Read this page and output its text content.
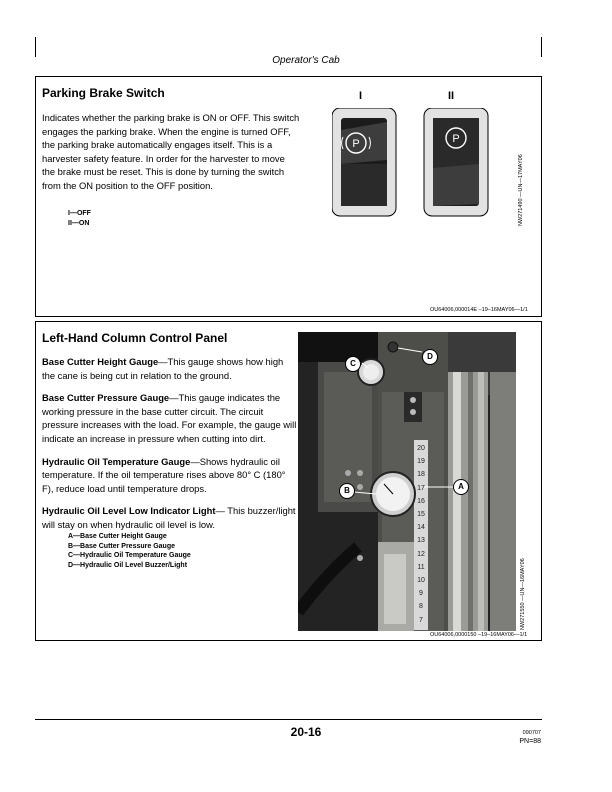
Operator's Cab
Parking Brake Switch

Indicates whether the parking brake is ON or OFF. This switch engages the parking brake. When the engine is turned OFF, the parking brake automatically engages itself. This is a harvester safety feature. In order for the harvester to move the brake must be reset. This is done by turning the switch from the ON position to the OFF position.

I—OFF
II—ON
I	II
P	P
NW271490 —UN—17MAY06
OU64006,000014E –19–16MAY06—1/1
Left-Hand Column Control Panel

Base Cutter Height Gauge—This gauge shows how high the cane is being cut in relation to the ground.

Base Cutter Pressure Gauge—This gauge indicates the working pressure in the base cutter circuit. The circuit pressure increases with the load. For example, the gauge will indicate an increase in pressure when cutting into dirt.

Hydraulic Oil Temperature Gauge—Shows hydraulic oil temperature. If the oil temperature rises above 80° C (180° F), reduce load until temperature drops.

Hydraulic Oil Level Low Indicator Light— This buzzer/light will stay on when hydraulic oil level is low.

A—Base Cutter Height Gauge
B—Base Cutter Pressure Gauge
C—Hydraulic Oil Temperature Gauge
D—Hydraulic Oil Level Buzzer/Light
20
19
18
17
16
15
14
13
12
11
10
9
8
7
C
D
B	A
NW271550 —UN—16MAY06
OU64006,0000150 –19–16MAY06—1/1
20-16	090707
PN=88
